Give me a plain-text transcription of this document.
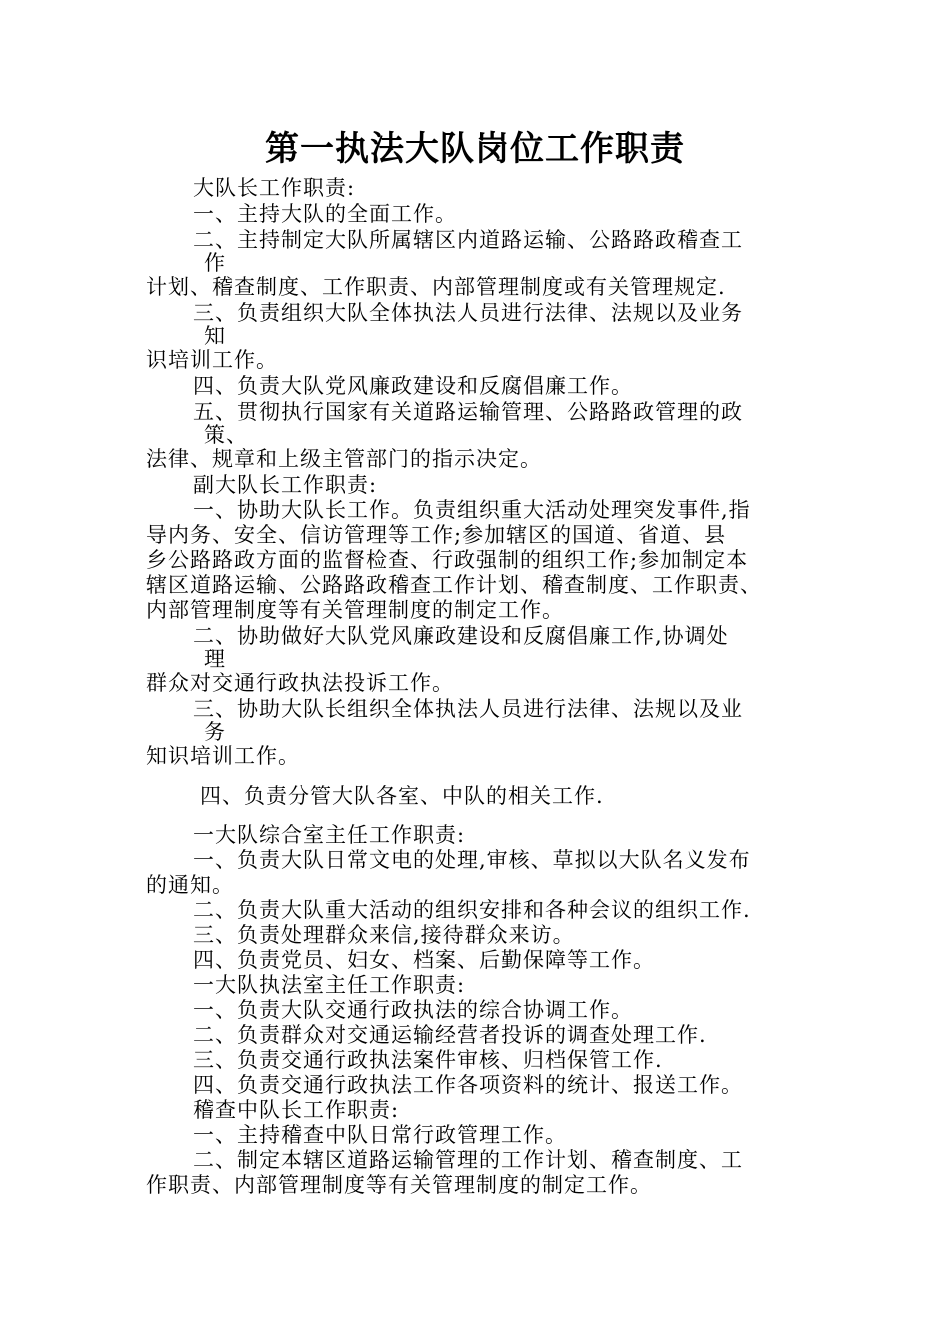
第一执法大队岗位工作职责
大队长工作职责:
一、主持大队的全面工作。
二、主持制定大队所属辖区内道路运输、公路路政稽查工
作
计划、稽查制度、工作职责、内部管理制度或有关管理规定.
三、负责组织大队全体执法人员进行法律、法规以及业务
知
识培训工作。
四、负责大队党风廉政建设和反腐倡廉工作。
五、贯彻执行国家有关道路运输管理、公路路政管理的政
策、
法律、规章和上级主管部门的指示决定。
副大队长工作职责:
一、协助大队长工作。负责组织重大活动处理突发事件,指
导内务、安全、信访管理等工作;参加辖区的国道、省道、县
乡公路路政方面的监督检查、行政强制的组织工作;参加制定本
辖区道路运输、公路路政稽查工作计划、稽查制度、工作职责、
内部管理制度等有关管理制度的制定工作。
二、协助做好大队党风廉政建设和反腐倡廉工作,协调处
理
群众对交通行政执法投诉工作。
三、协助大队长组织全体执法人员进行法律、法规以及业
务
知识培训工作。
四、负责分管大队各室、中队的相关工作.
一大队综合室主任工作职责:
一、负责大队日常文电的处理,审核、草拟以大队名义发布
的通知。
二、负责大队重大活动的组织安排和各种会议的组织工作.
三、负责处理群众来信,接待群众来访。
四、负责党员、妇女、档案、后勤保障等工作。
一大队执法室主任工作职责:
一、负责大队交通行政执法的综合协调工作。
二、负责群众对交通运输经营者投诉的调查处理工作.
三、负责交通行政执法案件审核、归档保管工作.
四、负责交通行政执法工作各项资料的统计、报送工作。
稽查中队长工作职责:
一、主持稽查中队日常行政管理工作。
二、制定本辖区道路运输管理的工作计划、稽查制度、工
作职责、内部管理制度等有关管理制度的制定工作。
